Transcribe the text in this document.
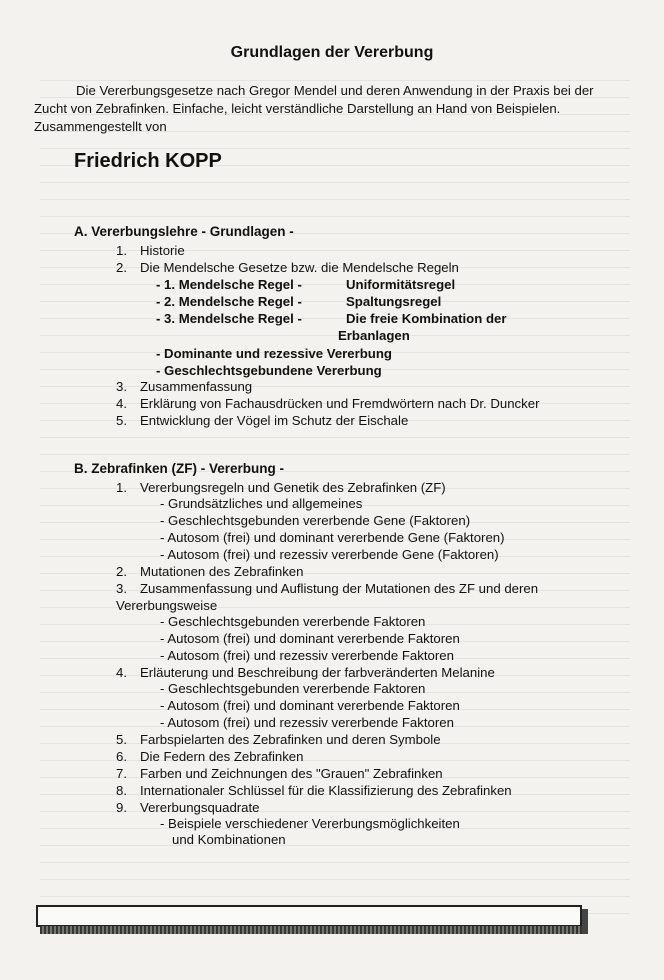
Grundlagen der Vererbung
Die Vererbungsgesetze nach Gregor Mendel und deren Anwendung in der Praxis bei der Zucht von Zebrafinken. Einfache, leicht verständliche Darstellung an Hand von Beispielen. Zusammengestellt von
Friedrich KOPP
A. Vererbungslehre - Grundlagen -
1. Historie
2. Die Mendelsche Gesetze bzw. die Mendelsche Regeln
- 1. Mendelsche Regel -	Uniformitätsregel
- 2. Mendelsche Regel -	Spaltungsregel
- 3. Mendelsche Regel -	Die freie Kombination der
Erbanlagen
- Dominante und rezessive Vererbung
- Geschlechtsgebundene Vererbung
3. Zusammenfassung
4. Erklärung von Fachausdrücken und Fremdwörtern nach Dr. Duncker
5. Entwicklung der Vögel im Schutz der Eischale
B. Zebrafinken (ZF) - Vererbung -
1. Vererbungsregeln und Genetik des Zebrafinken (ZF)
- Grundsätzliches und allgemeines
- Geschlechtsgebunden vererbende Gene (Faktoren)
- Autosom (frei) und dominant vererbende Gene (Faktoren)
- Autosom (frei) und rezessiv vererbende Gene (Faktoren)
2. Mutationen des Zebrafinken
3. Zusammenfassung und Auflistung der Mutationen des ZF und deren
Vererbungsweise
- Geschlechtsgebunden vererbende Faktoren
- Autosom (frei) und dominant vererbende Faktoren
- Autosom (frei) und rezessiv vererbende Faktoren
4. Erläuterung und Beschreibung der farbveränderten Melanine
- Geschlechtsgebunden vererbende Faktoren
- Autosom (frei) und dominant vererbende Faktoren
- Autosom (frei) und rezessiv vererbende Faktoren
5. Farbspielarten des Zebrafinken und deren Symbole
6. Die Federn des Zebrafinken
7. Farben und Zeichnungen des "Grauen" Zebrafinken
8. Internationaler Schlüssel für die Klassifizierung des Zebrafinken
9. Vererbungsquadrate
- Beispiele verschiedener Vererbungsmöglichkeiten
und Kombinationen
